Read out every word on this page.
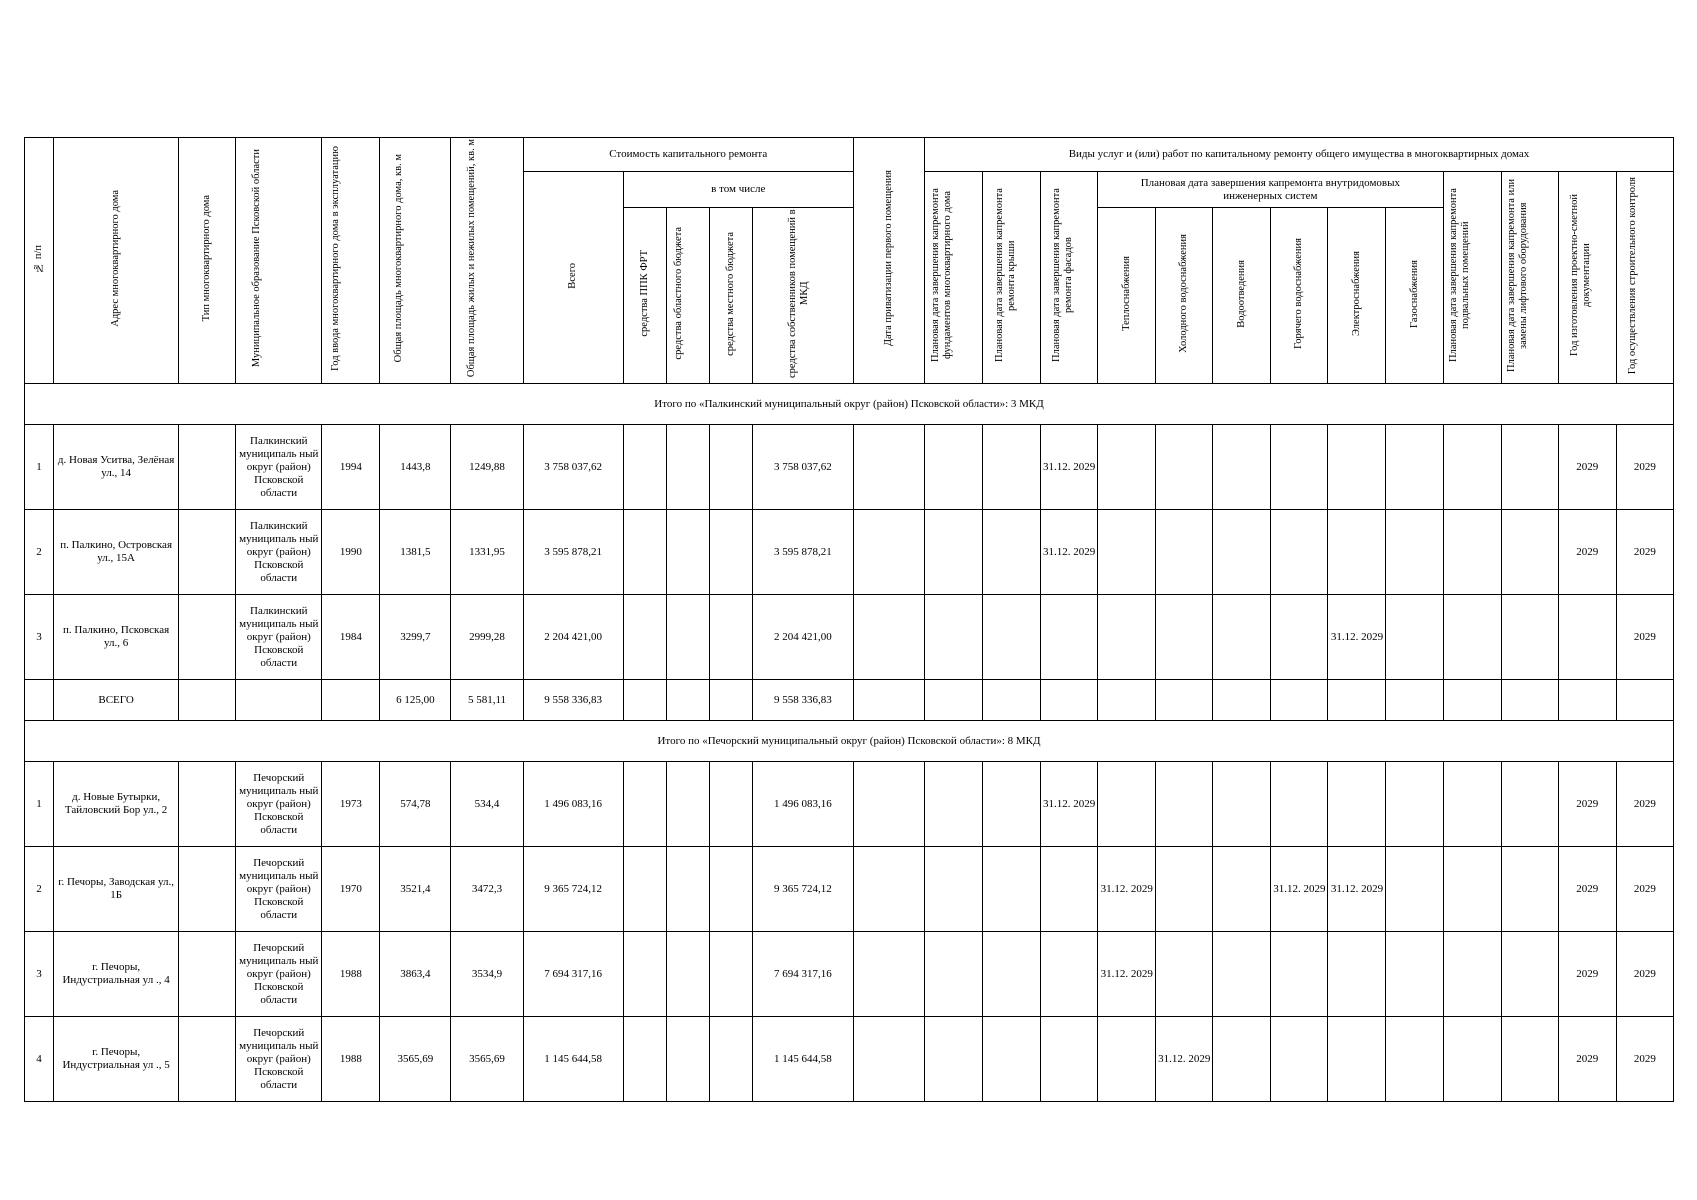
№ п/п	Адрес многоквартирного дома	Тип многоквартирного дома	Муниципальное образование Псковской области	Год ввода многоквартирного дома в эксплуатацию	Общая площадь многоквартирного дома, кв. м	Общая площадь жилых и нежилых помещений, кв. м	Стоимость капитального ремонта					Дата приватизации первого помещения	Виды услуг и (или) работ по капитальному ремонту общего имущества в многоквартирных домах												
							Всего	в том числе					Плановая дата завершения капремонта фундаментов многоквартирного дома	Плановая дата завершения капремонта ремонта крыши	Плановая дата завершения капремонта ремонта фасадов	Плановая дата завершения капремонта внутридомовых инженерных систем						Плановая дата завершения капремонта подвальных помещений	Плановая дата завершения капремонта или замены лифтового оборудования	Год изготовления проектно-сметной документации	Год осуществления строительного контроля
								средства ППК ФРТ	средства областного бюджета	средства местного бюджета	средства собственников помещений в МКД					Теплоснабжения	Холодного водоснабжения	Водоотведения	Горячего водоснабжения	Электроснабжения	Газоснабжения				
Итого по «Палкинский муниципальный округ (район) Псковской области»: 3 МКД																									
1	д. Новая Уситва, Зелёная ул., 14		Палкинский муниципаль ный округ (район) Псковской области	1994	1443,8	1249,88	3 758 037,62				3 758 037,62				31.12. 2029									2029	2029
2	п. Палкино, Островская ул., 15А		Палкинский муниципаль ный округ (район) Псковской области	1990	1381,5	1331,95	3 595 878,21				3 595 878,21				31.12. 2029									2029	2029
3	п. Палкино, Псковская ул., 6		Палкинский муниципаль ный округ (район) Псковской области	1984	3299,7	2999,28	2 204 421,00				2 204 421,00									31.12. 2029					2029
	ВСЕГО				6 125,00	5 581,11	9 558 336,83				9 558 336,83														
Итого по «Печорский муниципальный округ (район) Псковской области»: 8 МКД																									
1	д. Новые Бутырки, Тайловский Бор ул., 2		Печорский муниципаль ный округ (район) Псковской области	1973	574,78	534,4	1 496 083,16				1 496 083,16				31.12. 2029									2029	2029
2	г. Печоры, Заводская ул., 1Б		Печорский муниципаль ный округ (район) Псковской области	1970	3521,4	3472,3	9 365 724,12				9 365 724,12					31.12. 2029			31.12. 2029	31.12. 2029				2029	2029
3	г. Печоры, Индустриальная ул ., 4		Печорский муниципаль ный округ (район) Псковской области	1988	3863,4	3534,9	7 694 317,16				7 694 317,16					31.12. 2029								2029	2029
4	г. Печоры, Индустриальная ул ., 5		Печорский муниципаль ный округ (район) Псковской области	1988	3565,69	3565,69	1 145 644,58				1 145 644,58						31.12. 2029							2029	2029
